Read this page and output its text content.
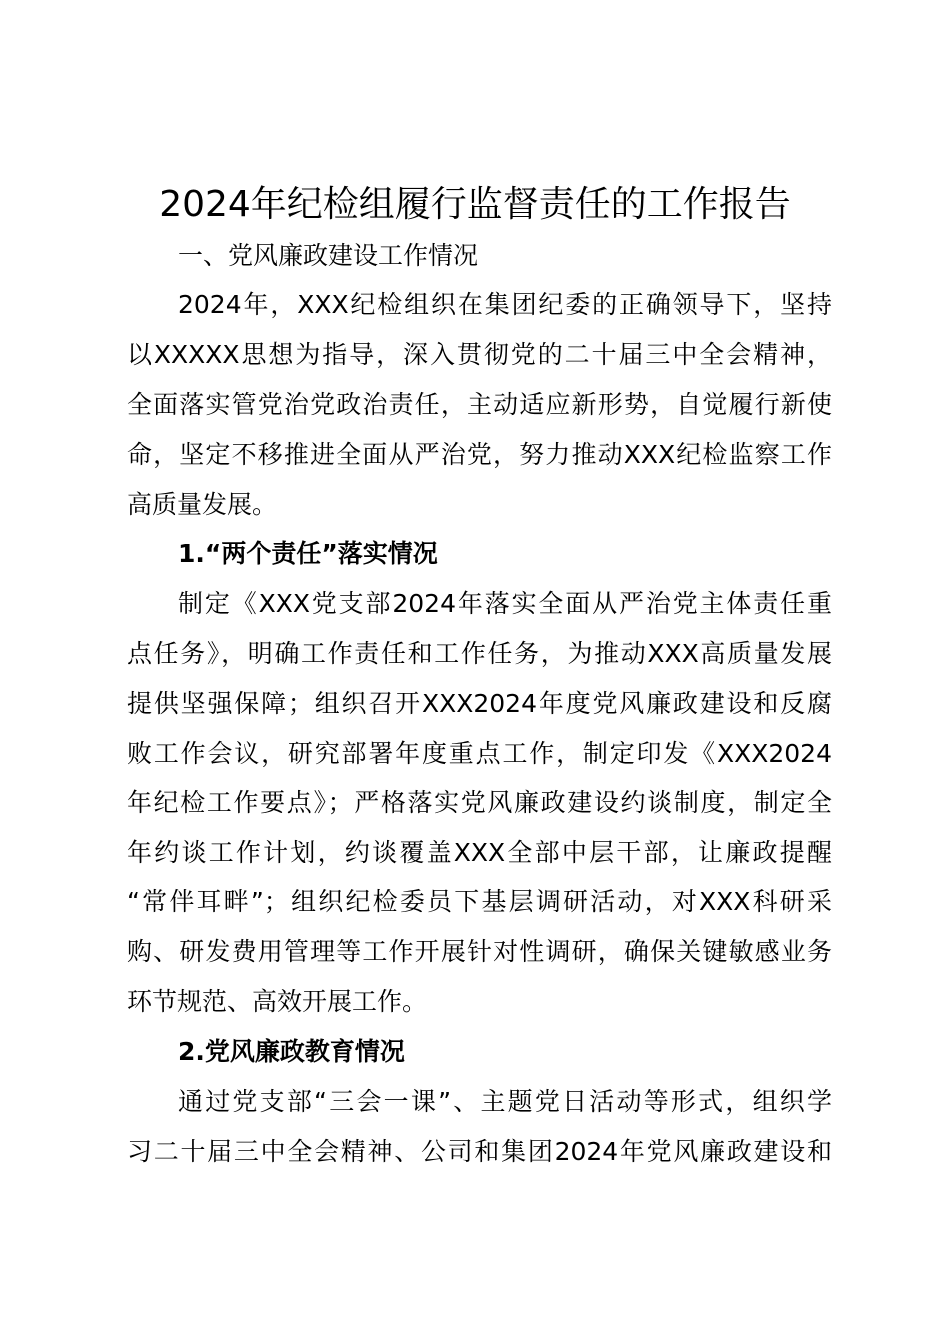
2024年纪检组履行监督责任的工作报告
一、党风廉政建设工作情况
2024年，XXX纪检组织在集团纪委的正确领导下，坚持
以XXXXX思想为指导，深入贯彻党的二十届三中全会精神，
全面落实管党治党政治责任，主动适应新形势，自觉履行新使
命，坚定不移推进全面从严治党，努力推动XXX纪检监察工作
高质量发展。
1.“两个责任”落实情况
制定《XXX党支部2024年落实全面从严治党主体责任重
点任务》，明确工作责任和工作任务，为推动XXX高质量发展
提供坚强保障；组织召开XXX2024年度党风廉政建设和反腐
败工作会议，研究部署年度重点工作，制定印发《XXX2024
年纪检工作要点》；严格落实党风廉政建设约谈制度，制定全
年约谈工作计划，约谈覆盖XXX全部中层干部，让廉政提醒
“常伴耳畔”；组织纪检委员下基层调研活动，对XXX科研采
购、研发费用管理等工作开展针对性调研，确保关键敏感业务
环节规范、高效开展工作。
2.党风廉政教育情况
通过党支部“三会一课”、主题党日活动等形式，组织学
习二十届三中全会精神、公司和集团2024年党风廉政建设和
